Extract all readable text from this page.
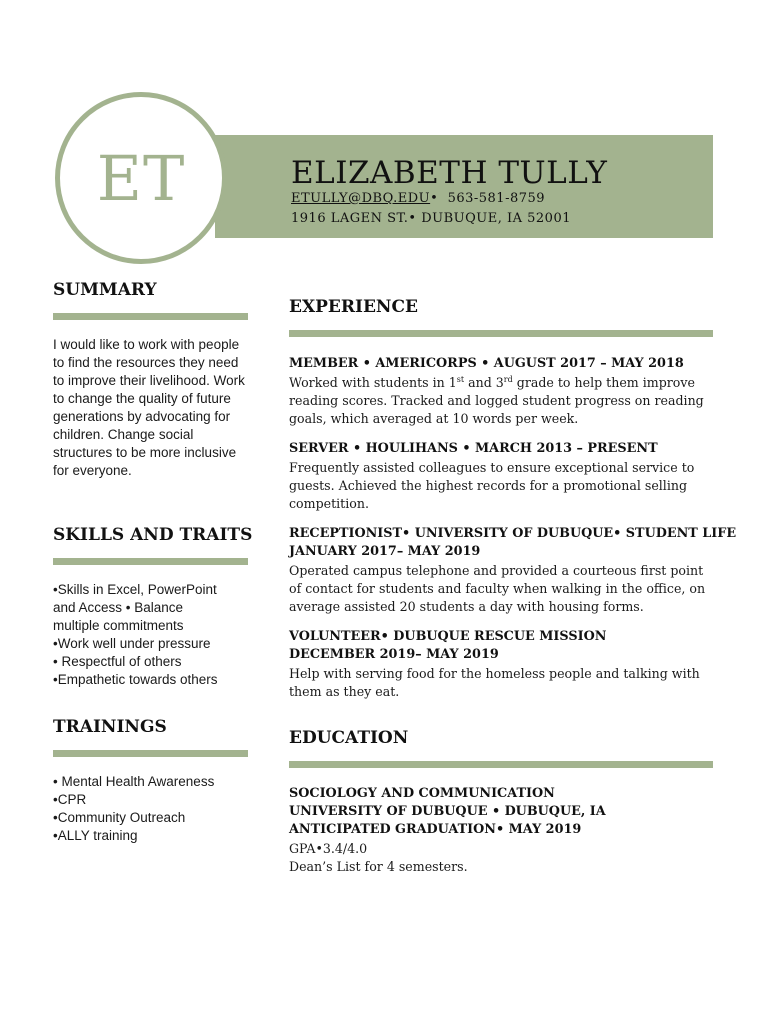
ET	ELIZABETH TULLY
ETULLY@DBQ.EDU• 563-581-8759
1916 LAGEN ST.• DUBUQUE, IA 52001
SUMMARY
I would like to work with people to find the resources they need to improve their livelihood. Work to change the quality of future generations by advocating for children. Change social structures to be more inclusive for everyone.
SKILLS AND TRAITS
•Skills in Excel, PowerPoint
and Access • Balance
multiple commitments
•Work well under pressure
• Respectful of others
•Empathetic towards others
TRAININGS
• Mental Health Awareness
•CPR
•Community Outreach
•ALLY training
EXPERIENCE
MEMBER • AMERICORPS • AUGUST 2017 – MAY 2018
Worked with students in 1st and 3rd grade to help them improve reading scores. Tracked and logged student progress on reading goals, which averaged at 10 words per week.
SERVER • HOULIHANS • MARCH 2013 – PRESENT
Frequently assisted colleagues to ensure exceptional service to guests. Achieved the highest records for a promotional selling competition.
RECEPTIONIST• UNIVERSITY OF DUBUQUE• STUDENT LIFE
JANUARY 2017– MAY 2019
Operated campus telephone and provided a courteous first point of contact for students and faculty when walking in the office, on average assisted 20 students a day with housing forms.
VOLUNTEER• DUBUQUE RESCUE MISSION
DECEMBER 2019– MAY 2019
Help with serving food for the homeless people and talking with them as they eat.
EDUCATION
SOCIOLOGY AND COMMUNICATION
UNIVERSITY OF DUBUQUE • DUBUQUE, IA
ANTICIPATED GRADUATION• MAY 2019
GPA•3.4/4.0
Dean’s List for 4 semesters.
